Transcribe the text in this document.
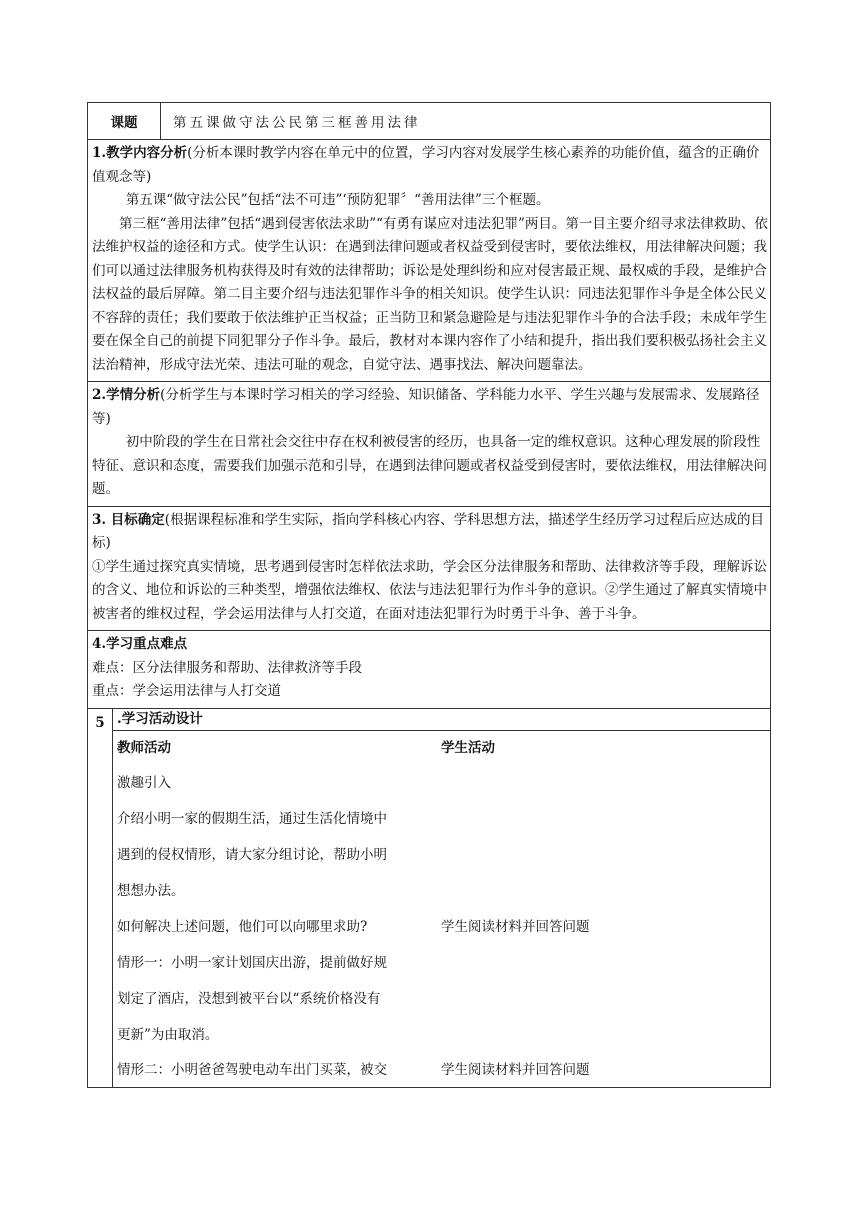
课题	第五课做守法公民第三框善用法律
1.教学内容分析(分析本课时教学内容在单元中的位置，学习内容对发展学生核心素养的功能价值，蕴含的正确价值观念等)
第五课“做守法公民”包括“法不可违”‘预防犯罪〞“善用法律”三个框题。
第三框“善用法律”包括“遇到侵害依法求助”“有勇有谋应对违法犯罪”两目。第一目主要介绍寻求法律救助、依法维护权益的途径和方式。使学生认识：在遇到法律问题或者权益受到侵害时，要依法维权，用法律解决问题；我们可以通过法律服务机构获得及时有效的法律帮助；诉讼是处理纠纷和应对侵害最正规、最权威的手段，是维护合法权益的最后屏障。第二目主要介绍与违法犯罪作斗争的相关知识。使学生认识：同违法犯罪作斗争是全体公民义不容辞的责任；我们要敢于依法维护正当权益；正当防卫和紧急避险是与违法犯罪作斗争的合法手段；未成年学生要在保全自己的前提下同犯罪分子作斗争。最后，教材对本课内容作了小结和提升，指出我们要积极弘扬社会主义法治精神，形成守法光荣、违法可耻的观念，自觉守法、遇事找法、解决问题靠法。
2.学情分析(分析学生与本课时学习相关的学习经验、知识储备、学科能力水平、学生兴趣与发展需求、发展路径等)
初中阶段的学生在日常社会交往中存在权利被侵害的经历，也具备一定的维权意识。这种心理发展的阶段性特征、意识和态度，需要我们加强示范和引导，在遇到法律问题或者权益受到侵害时，要依法维权，用法律解决问题。
3. 目标确定(根据课程标准和学生实际，指向学科核心内容、学科思想方法，描述学生经历学习过程后应达成的目标)
①学生通过探究真实情境，思考遇到侵害时怎样依法求助，学会区分法律服务和帮助、法律救济等手段，理解诉讼的含义、地位和诉讼的三种类型，增强依法维权、依法与违法犯罪行为作斗争的意识。②学生通过了解真实情境中被害者的维权过程，学会运用法律与人打交道，在面对违法犯罪行为时勇于斗争、善于斗争。
4.学习重点难点
难点：区分法律服务和帮助、法律救济等手段
重点：学会运用法律与人打交道
5 .学习活动设计
教师活动
激趣引入
介绍小明一家的假期生活，通过生活化情境中
遇到的侵权情形，请大家分组讨论，帮助小明
想想办法。
如何解决上述问题，他们可以向哪里求助?
情形一：小明一家计划国庆出游，提前做好规
划定了酒店，没想到被平台以“系统价格没有
更新”为由取消。
情形二：小明爸爸驾驶电动车出门买菜，被交
学生活动
学生阅读材料并回答问题
学生阅读材料并回答问题
